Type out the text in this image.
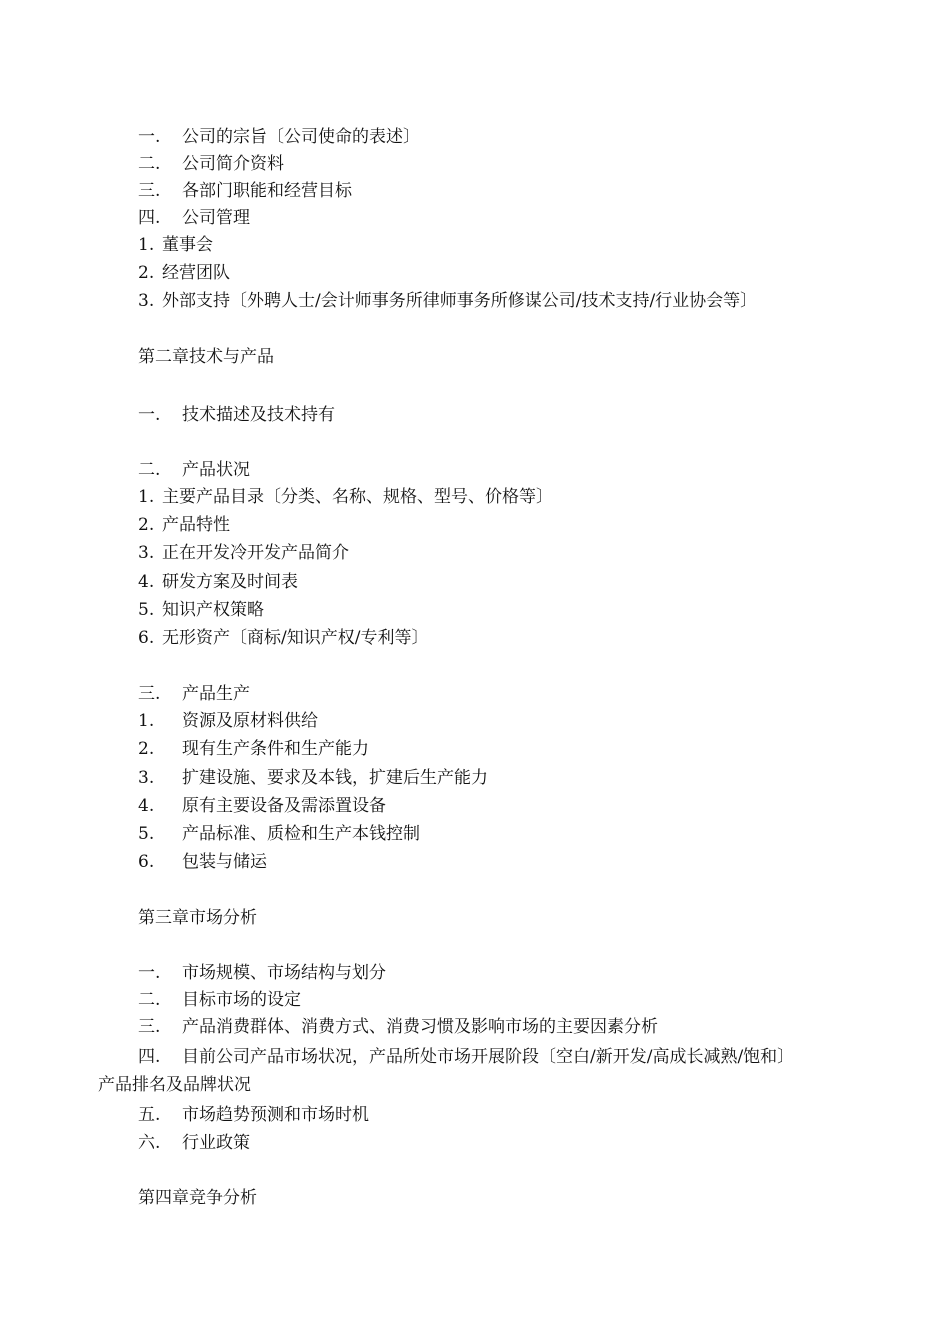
一. 公司的宗旨〔公司使命的表述〕
二. 公司简介资料
三. 各部门职能和经营目标
四. 公司管理
1. 董事会
2. 经营团队
3. 外部支持〔外聘人士/会计师事务所律师事务所修谋公司/技术支持/行业协会等〕
第二章技术与产品
一. 技术描述及技术持有
二. 产品状况
1. 主要产品目录〔分类、名称、规格、型号、价格等〕
2. 产品特性
3. 正在开发冷开发产品简介
4. 研发方案及时间表
5. 知识产权策略
6. 无形资产〔商标/知识产权/专利等〕
三. 产品生产
1. 资源及原材料供给
2. 现有生产条件和生产能力
3. 扩建设施、要求及本钱，扩建后生产能力
4. 原有主要设备及需添置设备
5. 产品标准、质检和生产本钱控制
6. 包装与储运
第三章市场分析
一. 市场规模、市场结构与划分
二. 目标市场的设定
三. 产品消费群体、消费方式、消费习惯及影响市场的主要因素分析
四. 目前公司产品市场状况，产品所处市场开展阶段〔空白/新开发/高成长减熟/饱和〕
产品排名及品牌状况
五. 市场趋势预测和市场时机
六. 行业政策
第四章竞争分析
